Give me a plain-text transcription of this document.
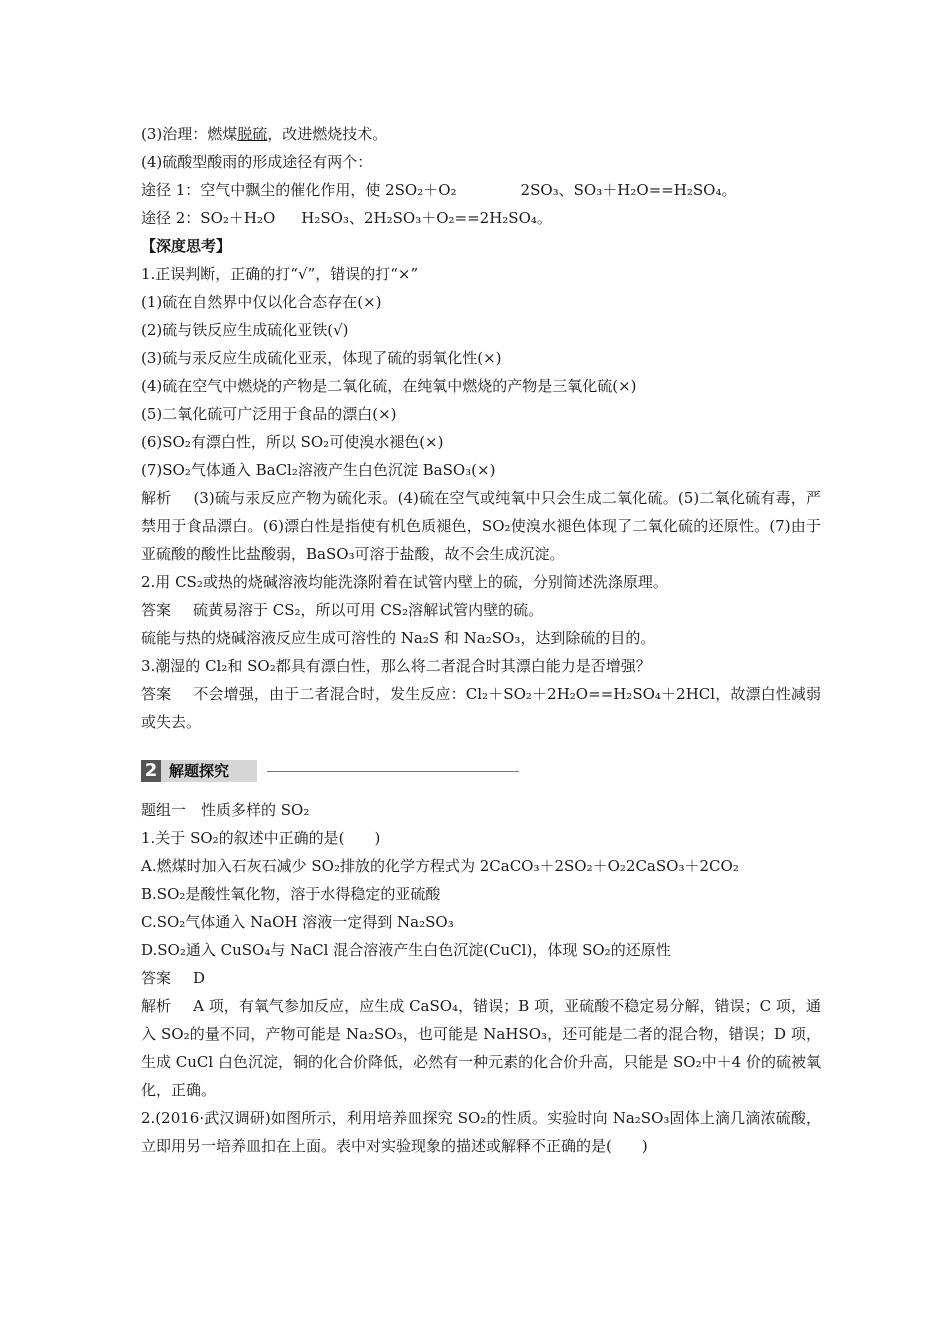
(3)治理：燃煤脱硫，改进燃烧技术。
(4)硫酸型酸雨的形成途径有两个：
途径 1：空气中飘尘的催化作用，使 2SO₂＋O₂	2SO₃、SO₃＋H₂O==H₂SO₄。
途径 2：SO₂＋H₂O H₂SO₃、2H₂SO₃＋O₂==2H₂SO₄。
【深度思考】
1.正误判断，正确的打“√”，错误的打“×”
(1)硫在自然界中仅以化合态存在(×)
(2)硫与铁反应生成硫化亚铁(√)
(3)硫与汞反应生成硫化亚汞，体现了硫的弱氧化性(×)
(4)硫在空气中燃烧的产物是二氧化硫，在纯氧中燃烧的产物是三氧化硫(×)
(5)二氧化硫可广泛用于食品的漂白(×)
(6)SO₂有漂白性，所以 SO₂可使溴水褪色(×)
(7)SO₂气体通入 BaCl₂溶液产生白色沉淀 BaSO₃(×)
解析 (3)硫与汞反应产物为硫化汞。(4)硫在空气或纯氧中只会生成二氧化硫。(5)二氧化硫有毒，严禁用于食品漂白。(6)漂白性是指使有机色质褪色，SO₂使溴水褪色体现了二氧化硫的还原性。(7)由于亚硫酸的酸性比盐酸弱，BaSO₃可溶于盐酸，故不会生成沉淀。
2.用 CS₂或热的烧碱溶液均能洗涤附着在试管内壁上的硫，分别简述洗涤原理。
答案 硫黄易溶于 CS₂，所以可用 CS₂溶解试管内壁的硫。
硫能与热的烧碱溶液反应生成可溶性的 Na₂S 和 Na₂SO₃，达到除硫的目的。
3.潮湿的 Cl₂和 SO₂都具有漂白性，那么将二者混合时其漂白能力是否增强？
答案 不会增强，由于二者混合时，发生反应：Cl₂＋SO₂＋2H₂O==H₂SO₄＋2HCl，故漂白性减弱或失去。
2 解题探究
题组一　性质多样的 SO₂
1.关于 SO₂的叙述中正确的是(　　)
A.燃煤时加入石灰石减少 SO₂排放的化学方程式为 2CaCO₃＋2SO₂＋O₂2CaSO₃＋2CO₂
B.SO₂是酸性氧化物，溶于水得稳定的亚硫酸
C.SO₂气体通入 NaOH 溶液一定得到 Na₂SO₃
D.SO₂通入 CuSO₄与 NaCl 混合溶液产生白色沉淀(CuCl)，体现 SO₂的还原性
答案 D
解析 A 项，有氧气参加反应，应生成 CaSO₄，错误；B 项，亚硫酸不稳定易分解，错误；C 项，通入 SO₂的量不同，产物可能是 Na₂SO₃，也可能是 NaHSO₃，还可能是二者的混合物，错误；D 项，生成 CuCl 白色沉淀，铜的化合价降低，必然有一种元素的化合价升高，只能是 SO₂中＋4 价的硫被氧化，正确。
2.(2016·武汉调研)如图所示，利用培养皿探究 SO₂的性质。实验时向 Na₂SO₃固体上滴几滴浓硫酸，立即用另一培养皿扣在上面。表中对实验现象的描述或解释不正确的是(　　)
